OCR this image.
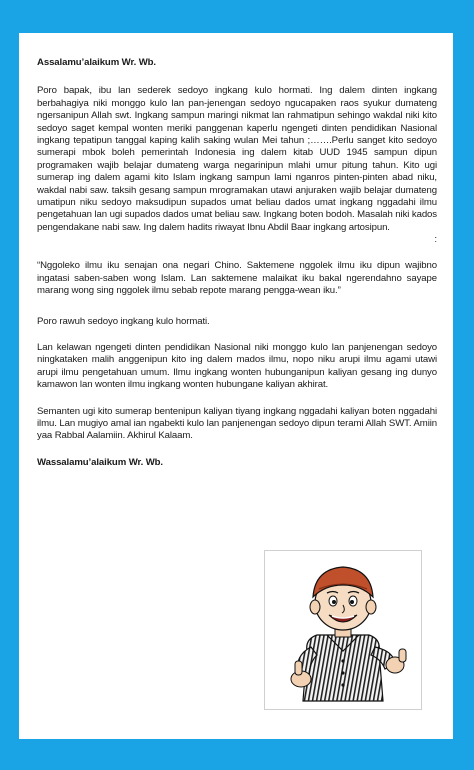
Assalamu’alaikum Wr. Wb.

Poro bapak, ibu lan sederek sedoyo ingkang kulo hormati. Ing dalem dinten ingkang berbahagiya niki monggo kulo lan pan-jenengan sedoyo ngucapaken raos syukur dumateng ngersanipun Allah swt. Ingkang sampun maringi nikmat lan rahmatipun sehingo wakdal niki kito sedoyo saget kempal wonten meriki panggenan kaperlu ngengeti dinten pendidikan Nasional ingkang tepatipun tanggal kaping kalih saking wulan Mei tahun ;…….Perlu sanget kito sedoyo sumerapi mbok boleh pemerintah Indonesia ing dalem kitab UUD 1945 sampun dipun programaken wajib belajar dumateng warga negarinipun mlahi umur pitung tahun. Kito ugi sumerap ing dalem agami kito Islam ingkang sampun lami nganros pinten-pinten abad niku, wakdal nabi saw. taksih gesang sampun mrogramakan utawi anjuraken wajib belajar dumateng umatipun niku sedoyo maksudipun supados umat beliau dados umat ingkang nggadahi ilmu pengetahuan lan ugi supados dados umat beliau saw. Ingkang boten bodoh. Masalah niki kados pengendakane nabi saw. Ing dalem hadits riwayat Ibnu Abdil Baar ingkang artosipun.

:

“Nggoleko ilmu iku senajan ona negari Chino. Saktemene nggolek ilmu iku dipun wajibno ingatasi saben-saben wong Islam. Lan saktemene malaikat iku bakal ngerendahno sayape marang wong sing nggolek ilmu sebab repote marang pengga-wean iku.”

Poro rawuh sedoyo ingkang kulo hormati.

Lan kelawan ngengeti dinten pendidikan Nasional niki monggo kulo lan panjenengan sedoyo ningkataken malih anggenipun kito ing dalem mados ilmu, nopo niku arupi ilmu agami utawi arupi ilmu pengetahuan umum. Ilmu ingkang wonten hubunganipun kaliyan gesang ing dunyo kamawon lan wonten ilmu ingkang wonten hubungane kaliyan akhirat.

Semanten ugi kito sumerap bentenipun kaliyan tiyang ingkang nggadahi kaliyan boten nggadahi ilmu. Lan mugiyo amal ian ngabekti kulo lan panjenengan sedoyo dipun terami Allah SWT. Amiin yaa Rabbal Aalamiin. Akhirul Kalaam.

Wassalamu’alaikum Wr. Wb.
